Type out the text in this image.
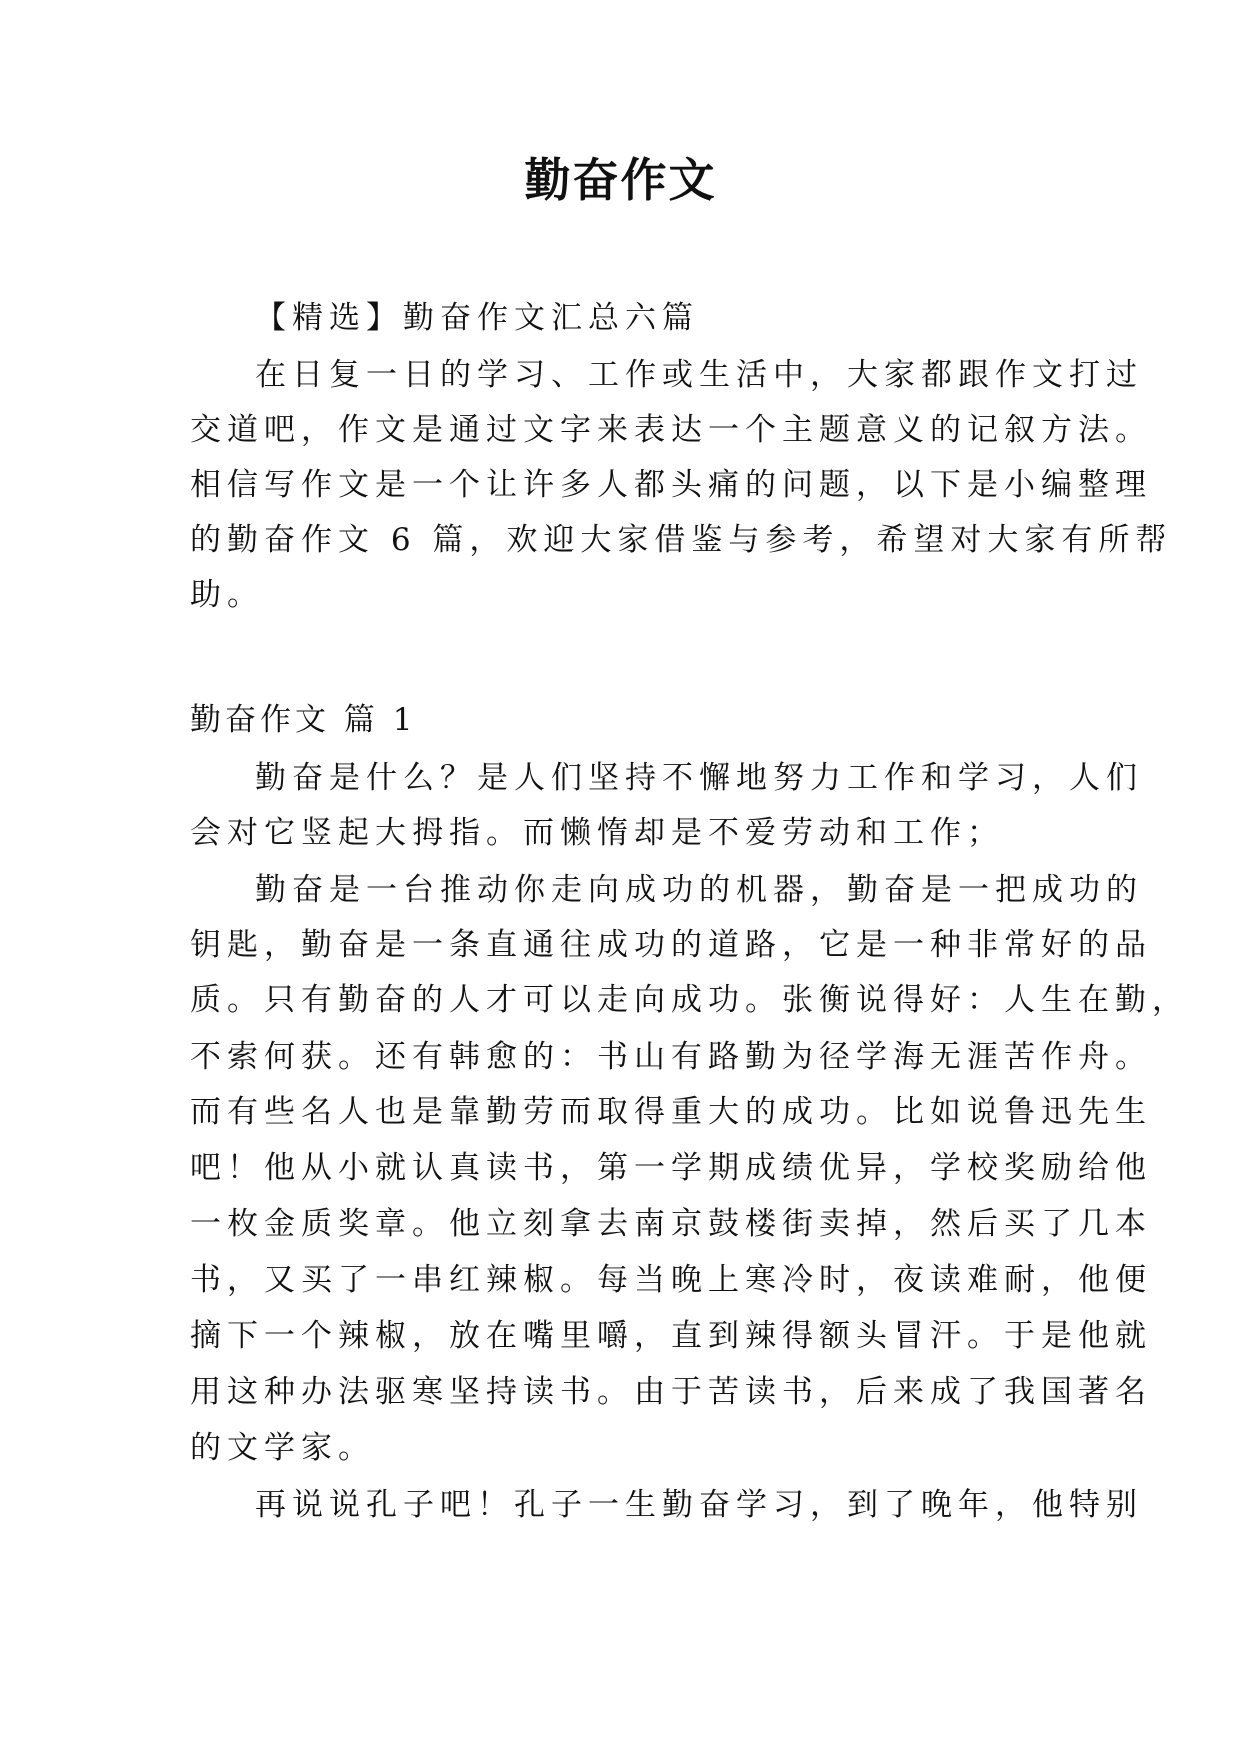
勤奋作文
【精选】勤奋作文汇总六篇
在日复一日的学习、工作或生活中，大家都跟作文打过
交道吧，作文是通过文字来表达一个主题意义的记叙方法。
相信写作文是一个让许多人都头痛的问题，以下是小编整理
的勤奋作文 6 篇，欢迎大家借鉴与参考，希望对大家有所帮
助。
勤奋作文 篇 1
勤奋是什么？是人们坚持不懈地努力工作和学习，人们
会对它竖起大拇指。而懒惰却是不爱劳动和工作；
勤奋是一台推动你走向成功的机器，勤奋是一把成功的
钥匙，勤奋是一条直通往成功的道路，它是一种非常好的品
质。只有勤奋的人才可以走向成功。张衡说得好：人生在勤，
不索何获。还有韩愈的：书山有路勤为径学海无涯苦作舟。
而有些名人也是靠勤劳而取得重大的成功。比如说鲁迅先生
吧！他从小就认真读书，第一学期成绩优异，学校奖励给他
一枚金质奖章。他立刻拿去南京鼓楼街卖掉，然后买了几本
书，又买了一串红辣椒。每当晚上寒冷时，夜读难耐，他便
摘下一个辣椒，放在嘴里嚼，直到辣得额头冒汗。于是他就
用这种办法驱寒坚持读书。由于苦读书，后来成了我国著名
的文学家。
再说说孔子吧！孔子一生勤奋学习，到了晚年，他特别
